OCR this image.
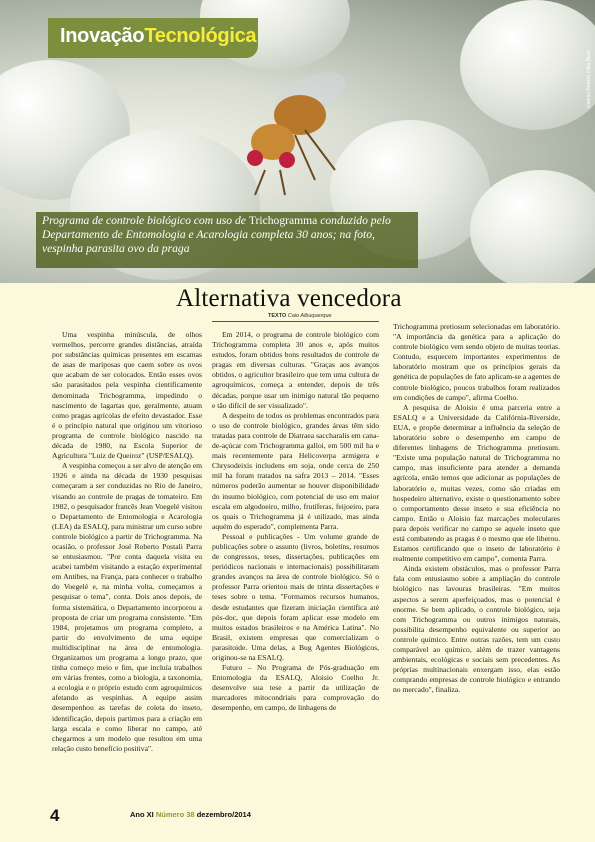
Gabriel Rabelo Vilas Boas
InovaçãoTecnológica
Programa de controle biológico com uso de Trichogramma conduzido pelo Departamento de Entomologia e Acarologia completa 30 anos; na foto, vespinha parasita ovo da praga
Alternativa vencedora
TEXTO Caio Albuquerque

Uma vespinha minúscula, de olhos vermelhos, percorre grandes distâncias, atraída por substâncias químicas presentes em escamas de asas de mariposas que caem sobre os ovos que acabam de ser colocados. Então esses ovos são parasitados pela vespinha cientificamente denominada Trichogramma, impedindo o nascimento de lagartas que, geralmente, atuam como pragas agrícolas de efeito devastador. Esse é o princípio natural que originou um vitorioso programa de controle biológico nascido na década de 1980, na Escola Superior de Agricultura "Luiz de Queiroz" (USP/ESALQ).

A vespinha começou a ser alvo de atenção em 1926 e ainda na década de 1930 pesquisas começaram a ser conduzidas no Rio de Janeiro, visando ao controle de pragas de tomateiro. Em 1982, o pesquisador francês Jean Voegelé visitou o Departamento de Entomologia e Acarologia (LEA) da ESALQ, para ministrar um curso sobre controle biológico a partir de Trichogramma. Na ocasião, o professor José Roberto Postali Parra se entusiasmou. "Por conta daquela visita eu acabei também visitando a estação experimental em Antibes, na França, para conhecer o trabalho do Voegelé e, na minha volta, começamos a pesquisar o tema", conta. Dois anos depois, de forma sistemática, o Departamento incorporou a proposta de criar um programa consistente. "Em 1984, projetamos um programa completo, a partir do envolvimento de uma equipe multidisciplinar na área de entomologia. Organizamos um programa a longo prazo, que tinha começo meio e fim, que incluía trabalhos em várias frentes, como a biologia, a taxonomia, a ecologia e o próprio estudo com agroquímicos afetando as vespinhas. A equipe assim desempenhou as tarefas de coleta do inseto, identificação, depois partimos para a criação em larga escala e como liberar no campo, até chegarmos a um modelo que resultou em uma relação custo benefício positiva".

Em 2014, o programa de controle biológico com Trichogramma completa 30 anos e, após muitos estudos, foram obtidos bons resultados de controle de pragas em diversas culturas. "Graças aos avanços obtidos, o agricultor brasileiro que tem uma cultura de agroquímicos, começa a entender, depois de três décadas, porque usar um inimigo natural tão pequeno e tão difícil de ser visualizado".

A despeito de todos os problemas encontrados para o uso de controle biológico, grandes áreas têm sido tratadas para controle de Diatraea saccharalis em cana-de-açúcar com Trichogramma galloi, em 500 mil ha e mais recentemente para Helicoverpa armigera e Chrysodeixis includens em soja, onde cerca de 250 mil ha foram tratados na safra 2013 – 2014. "Esses números poderão aumentar se houver disponibilidade do insumo biológico, com potencial de uso em maior escala em algodoeiro, milho, frutíferas, feijoeiro, para os quais o Trichogramma já é utilizado, mas ainda aquém do esperado", complementa Parra.

Pessoal e publicações - Um volume grande de publicações sobre o assunto (livros, boletins, resumos de congressos, teses, dissertações, publicações em periódicos nacionais e internacionais) possibilitaram grandes avanços na área de controle biológico. Só o professor Parra orientou mais de trinta dissertações e teses sobre o tema. "Formamos recursos humanos, desde estudantes que fizeram iniciação científica até pós-doc, que depois foram aplicar esse modelo em muitos estados brasileiros e na América Latina". No Brasil, existem empresas que comercializam o parasitoide. Uma delas, a Bug Agentes Biológicos, originou-se na ESALQ.

Futuro – No Programa de Pós-graduação em Entomologia da ESALQ, Aloisio Coelho Jr. desenvolve sua tese a partir da utilização de marcadores mitocondriais para comprovação do desempenho, em campo, de linhagens de

Trichogramma pretiosum selecionadas em laboratório. "A importância da genética para a aplicação do controle biológico vem sendo objeto de muitas teorias. Contudo, esquecem importantes experimentos de laboratório mostram que os princípios gerais da genética de populações de fato aplicam-se a agentes de controle biológico, poucos trabalhos foram realizados em condições de campo", afirma Coelho.

A pesquisa de Aloisio é uma parceria entre a ESALQ e a Universidade da Califórnia-Riverside, EUA, e propõe determinar a influência da seleção de laboratório sobre o desempenho em campo de diferentes linhagens de Trichogramma pretiosum. "Existe uma população natural de Trichogramma no campo, mas insuficiente para atender a demanda agrícola, então temos que adicionar as populações de laboratório e, muitas vezes, como são criadas em hospedeiro alternativo, existe o questionamento sobre o comportamento desse inseto e sua eficiência no campo. Então o Aloisio faz marcações moleculares para depois verificar no campo se aquele inseto que está combatendo as pragas é o mesmo que ele liberou. Estamos certificando que o inseto de laboratório é realmente competitivo em campo", comenta Parra.

Ainda existem obstáculos, mas o professor Parra fala com entusiasmo sobre a ampliação do controle biológico nas lavouras brasileiras. "Em muitos aspectos a serem aperfeiçoados, mas o potencial é enorme. Se bem aplicado, o controle biológico, seja com Trichogramma ou outros inimigos naturais, possibilita desempenho equivalente ou superior ao controle químico. Entre outras razões, tem um custo comparável ao químico, além de trazer vantagens ambientais, ecológicas e sociais sem precedentes. As próprias multinacionais enxergam isso, elas estão comprando empresas de controle biológico e entrando no mercado", finaliza.

4	Ano XI Número 38 dezembro/2014
